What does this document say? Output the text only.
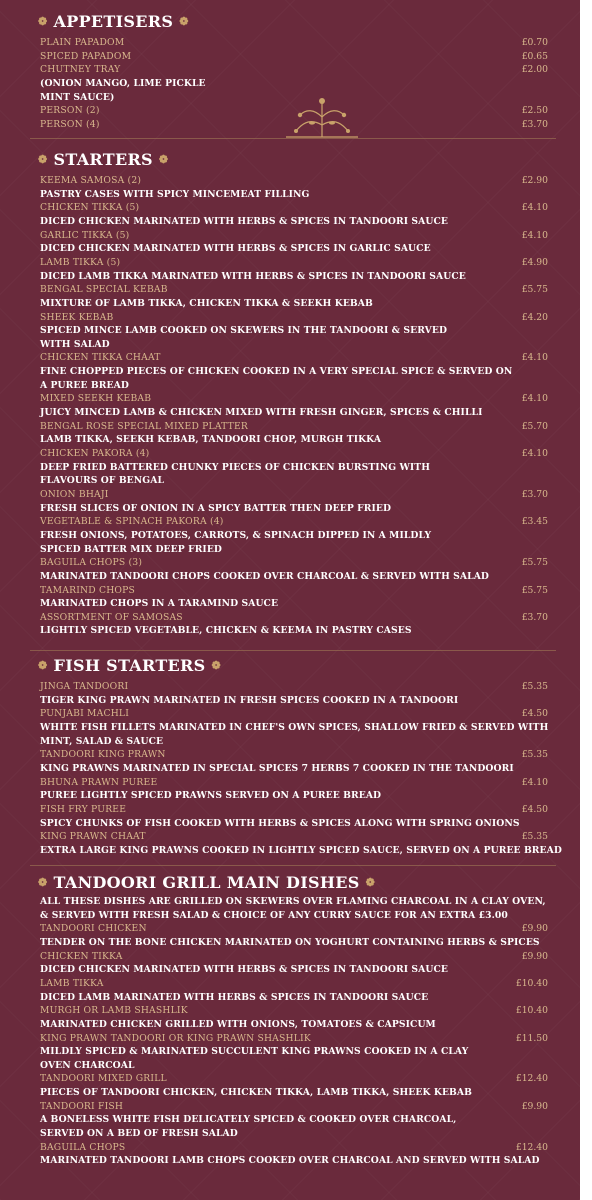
❁ APPETISERS ❁
PLAIN PAPADOM	£0.70
SPICED PAPADOM	£0.65
CHUTNEY TRAY	£2.00
(ONION MANGO, LIME PICKLE
MINT SAUCE)
PERSON (2)	£2.50
PERSON (4)	£3.70
❁ STARTERS ❁
KEEMA SAMOSA (2)	£2.90
PASTRY CASES WITH SPICY MINCEMEAT FILLING
CHICKEN TIKKA (5)	£4.10
DICED CHICKEN MARINATED WITH HERBS & SPICES IN TANDOORI SAUCE
GARLIC TIKKA (5)	£4.10
DICED CHICKEN MARINATED WITH HERBS & SPICES IN GARLIC SAUCE
LAMB TIKKA (5)	£4.90
DICED LAMB TIKKA MARINATED WITH HERBS & SPICES IN TANDOORI SAUCE
BENGAL SPECIAL KEBAB	£5.75
MIXTURE OF LAMB TIKKA, CHICKEN TIKKA & SEEKH KEBAB
SHEEK KEBAB	£4.20
SPICED MINCE LAMB COOKED ON SKEWERS IN THE TANDOORI & SERVED
WITH SALAD
CHICKEN TIKKA CHAAT	£4.10
FINE CHOPPED PIECES OF CHICKEN COOKED IN A VERY SPECIAL SPICE & SERVED ON
A PUREE BREAD
MIXED SEEKH KEBAB	£4.10
JUICY MINCED LAMB & CHICKEN MIXED WITH FRESH GINGER, SPICES & CHILLI
BENGAL ROSE SPECIAL MIXED PLATTER	£5.70
LAMB TIKKA, SEEKH KEBAB, TANDOORI CHOP, MURGH TIKKA
CHICKEN PAKORA (4)	£4.10
DEEP FRIED BATTERED CHUNKY PIECES OF CHICKEN BURSTING WITH
FLAVOURS OF BENGAL
ONION BHAJI	£3.70
FRESH SLICES OF ONION IN A SPICY BATTER THEN DEEP FRIED
VEGETABLE & SPINACH PAKORA (4)	£3.45
FRESH ONIONS, POTATOES, CARROTS, & SPINACH DIPPED IN A MILDLY
SPICED BATTER MIX DEEP FRIED
BAGUILA CHOPS (3)	£5.75
MARINATED TANDOORI CHOPS COOKED OVER CHARCOAL & SERVED WITH SALAD
TAMARIND CHOPS	£5.75
MARINATED CHOPS IN A TARAMIND SAUCE
ASSORTMENT OF SAMOSAS	£3.70
LIGHTLY SPICED VEGETABLE, CHICKEN & KEEMA IN PASTRY CASES
❁ FISH STARTERS ❁
JINGA TANDOORI	£5.35
TIGER KING PRAWN MARINATED IN FRESH SPICES COOKED IN A TANDOORI
PUNJABI MACHLI	£4.50
WHITE FISH FILLETS MARINATED IN CHEF'S OWN SPICES, SHALLOW FRIED & SERVED WITH
MINT, SALAD & SAUCE
TANDOORI KING PRAWN	£5.35
KING PRAWNS MARINATED IN SPECIAL SPICES 7 HERBS 7 COOKED IN THE TANDOORI
BHUNA PRAWN PUREE	£4.10
PUREE LIGHTLY SPICED PRAWNS SERVED ON A PUREE BREAD
FISH FRY PUREE	£4.50
SPICY CHUNKS OF FISH COOKED WITH HERBS & SPICES ALONG WITH SPRING ONIONS
KING PRAWN CHAAT	£5.35
EXTRA LARGE KING PRAWNS COOKED IN LIGHTLY SPICED SAUCE, SERVED ON A PUREE BREAD
❁ TANDOORI GRILL MAIN DISHES ❁
ALL THESE DISHES ARE GRILLED ON SKEWERS OVER FLAMING CHARCOAL IN A CLAY OVEN,
& SERVED WITH FRESH SALAD & CHOICE OF ANY CURRY SAUCE FOR AN EXTRA £3.00
TANDOORI CHICKEN	£9.90
TENDER ON THE BONE CHICKEN MARINATED ON YOGHURT CONTAINING HERBS & SPICES
CHICKEN TIKKA	£9.90
DICED CHICKEN MARINATED WITH HERBS & SPICES IN TANDOORI SAUCE
LAMB TIKKA	£10.40
DICED LAMB MARINATED WITH HERBS & SPICES IN TANDOORI SAUCE
MURGH OR LAMB SHASHLIK	£10.40
MARINATED CHICKEN GRILLED WITH ONIONS, TOMATOES & CAPSICUM
KING PRAWN TANDOORI OR KING PRAWN SHASHLIK	£11.50
MILDLY SPICED & MARINATED SUCCULENT KING PRAWNS COOKED IN A CLAY
OVEN CHARCOAL
TANDOORI MIXED GRILL	£12.40
PIECES OF TANDOORI CHICKEN, CHICKEN TIKKA, LAMB TIKKA, SHEEK KEBAB
TANDOORI FISH	£9.90
A BONELESS WHITE FISH DELICATELY SPICED & COOKED OVER CHARCOAL,
SERVED ON A BED OF FRESH SALAD
BAGUILA CHOPS	£12.40
MARINATED TANDOORI LAMB CHOPS COOKED OVER CHARCOAL AND SERVED WITH SALAD
